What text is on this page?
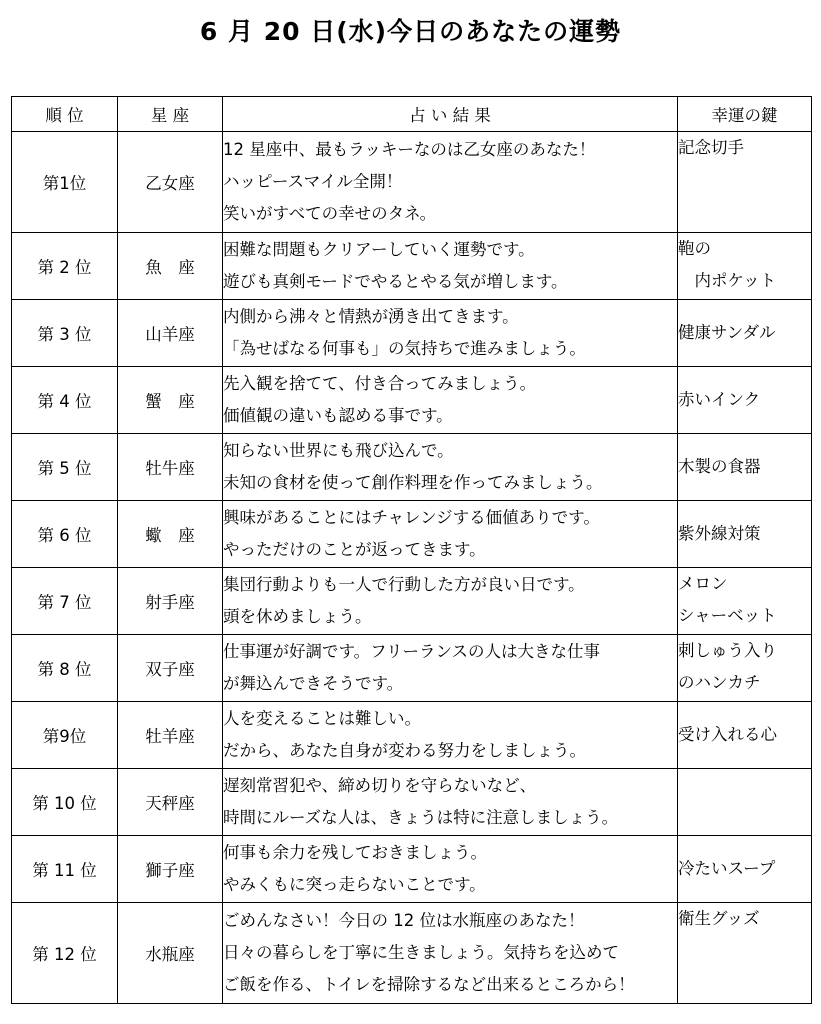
6 月 20 日(水)今日のあなたの運勢
順 位	星 座	占 い 結 果	幸運の鍵
第1位	乙女座	12 星座中、最もラッキーなのは乙女座のあなた！
ハッピースマイル全開！
笑いがすべての幸せのタネ。	記念切手

第 2 位	魚　座	困難な問題もクリアーしていく運勢です。
遊びも真剣モードでやるとやる気が増します。	鞄の
　内ポケット

第 3 位	山羊座	内側から沸々と情熱が湧き出てきます。
「為せばなる何事も」の気持ちで進みましょう。	健康サンダル

第 4 位	蟹　座	先入観を捨てて、付き合ってみましょう。
価値観の違いも認める事です。	赤いインク

第 5 位	牡牛座	知らない世界にも飛び込んで。
未知の食材を使って創作料理を作ってみましょう。	木製の食器

第 6 位	蠍　座	興味があることにはチャレンジする価値ありです。
やっただけのことが返ってきます。	紫外線対策

第 7 位	射手座	集団行動よりも一人で行動した方が良い日です。
頭を休めましょう。	メロン
シャーベット

第 8 位	双子座	仕事運が好調です。フリーランスの人は大きな仕事
が舞込んできそうです。	刺しゅう入り
のハンカチ

第9位	牡羊座	人を変えることは難しい。
だから、あなた自身が変わる努力をしましょう。	受け入れる心

第 10 位	天秤座	遅刻常習犯や、締め切りを守らないなど、
時間にルーズな人は、きょうは特に注意しましょう。	

第 11 位	獅子座	何事も余力を残しておきましょう。
やみくもに突っ走らないことです。	冷たいスープ

第 12 位	水瓶座	ごめんなさい！今日の 12 位は水瓶座のあなた！
日々の暮らしを丁寧に生きましょう。気持ちを込めて
ご飯を作る、トイレを掃除するなど出来るところから！	衛生グッズ
